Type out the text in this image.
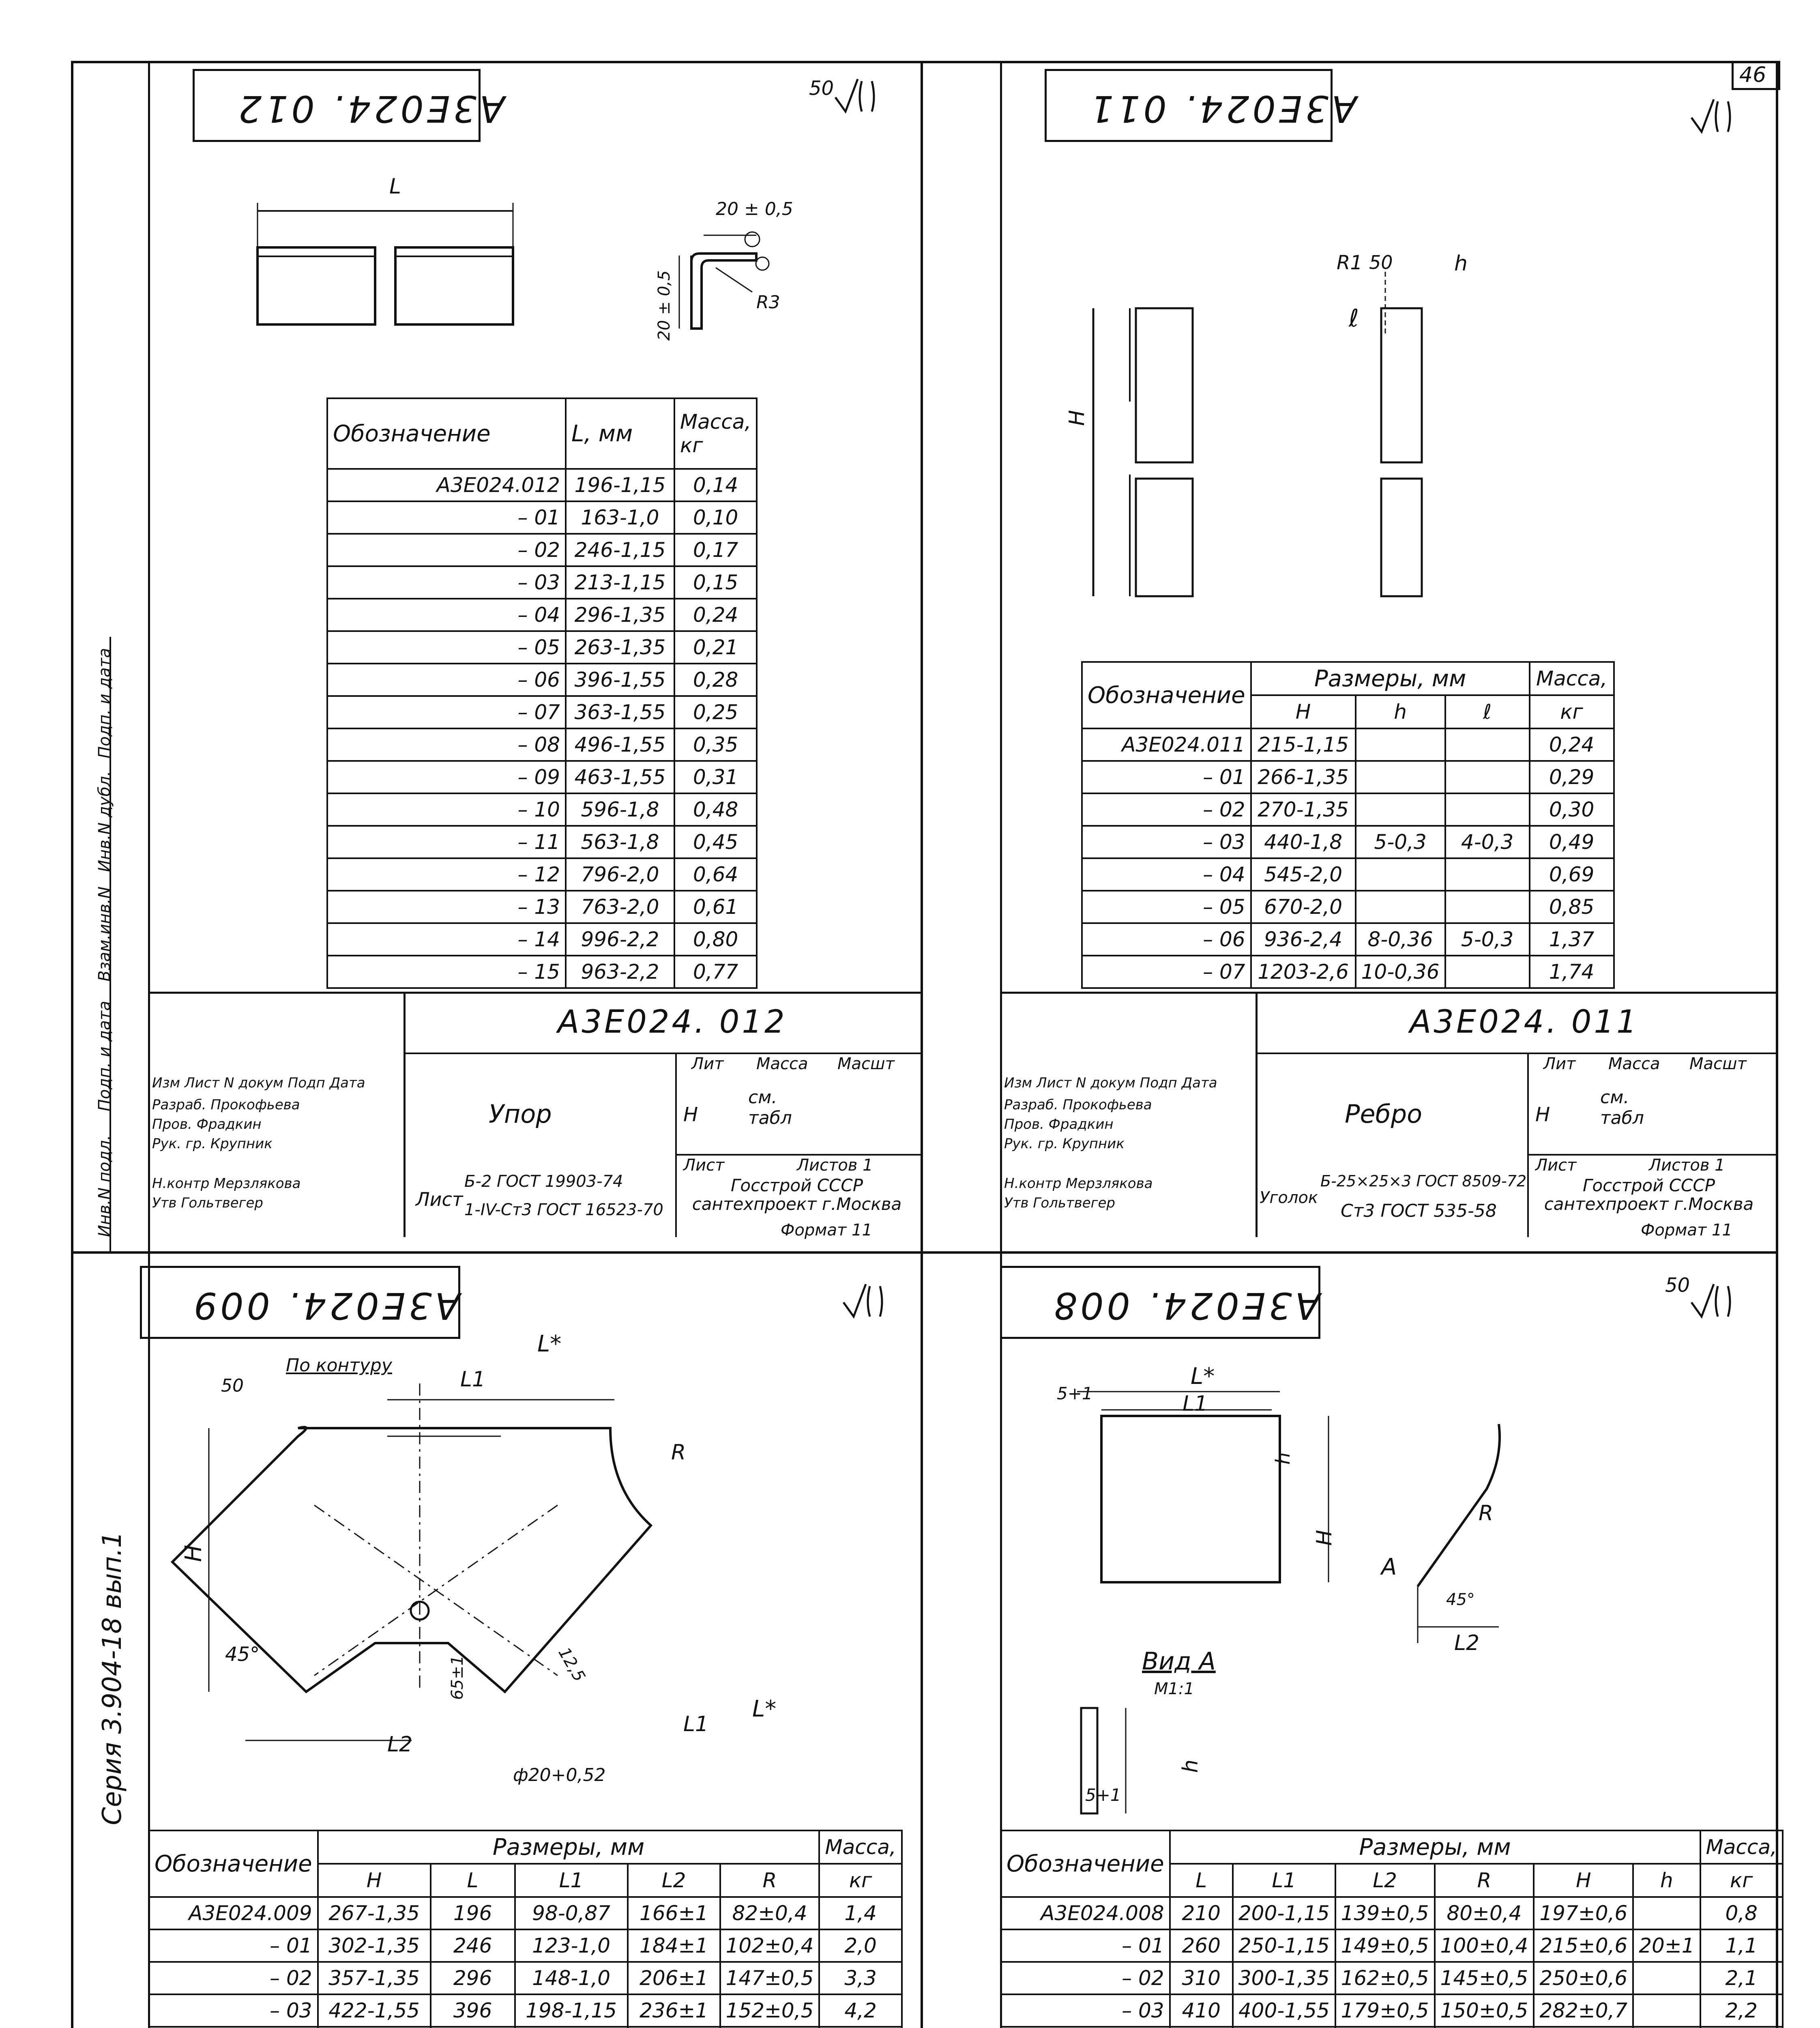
46
Серия 3.904-18 вып.1
Инв.N подл.
Подп. и дата
Взам.инв.N
Инв.N дубл.
Подп. и дата
А3Е024. 012	50
L
20 ± 0,5
20 ± 0,5	R3
Обозначение	L, мм	Масса, кг
А3Е024.012	196-1,15	0,14
– 01	163-1,0	0,10
– 02	246-1,15	0,17
– 03	213-1,15	0,15
– 04	296-1,35	0,24
– 05	263-1,35	0,21
– 06	396-1,55	0,28
– 07	363-1,55	0,25
– 08	496-1,55	0,35
– 09	463-1,55	0,31
– 10	596-1,8	0,48
– 11	563-1,8	0,45
– 12	796-2,0	0,64
– 13	763-2,0	0,61
– 14	996-2,2	0,80
– 15	963-2,2	0,77
А3Е024. 012
Упор
Лит Масса Масшт
Н
см. табл
Лист	Листов 1
Госстрой СССР сантехпроект г.Москва
Лист
Б-2 ГОСТ 19903-74
1-IV-Ст3 ГОСТ 16523-70
Формат 11
Изм Лист N докум Подп Дата
Разраб. Прокофьева
Пров. Фрадкин
Рук. гр. Крупник
Н.контр Мерзлякова
Утв Гольтвегер
А3Е024. 011
H
R1 50	h
ℓ
Обозначение	Размеры, мм			Масса,
	H	h	ℓ	кг
А3Е024.011	215-1,15			0,24
– 01	266-1,35			0,29
– 02	270-1,35			0,30
– 03	440-1,8	5-0,3	4-0,3	0,49
– 04	545-2,0			0,69
– 05	670-2,0			0,85
– 06	936-2,4	8-0,36	5-0,3	1,37
– 07	1203-2,6	10-0,36		1,74
А3Е024. 011
Ребро
Лит Масса Масшт
Н
см. табл
Лист	Листов 1
Госстрой СССР сантехпроект г.Москва
Уголок
Б-25×25×3 ГОСТ 8509-72
Ст3 ГОСТ 535-58
Формат 11
Изм Лист N докум Подп Дата
Разраб. Прокофьева
Пров. Фрадкин
Рук. гр. Крупник
Н.контр Мерзлякова
Утв Гольтвегер
А3Е024. 009
По контуру
50
L*
L1
R
H
45°
65±1	12,5
L1
L*
L2
ф20+0,52
Обозначение	Размеры, мм					Масса,
	H	L	L1	L2	R	кг
А3Е024.009	267-1,35	196	98-0,87	166±1	82±0,4	1,4
– 01	302-1,35	246	123-1,0	184±1	102±0,4	2,0
– 02	357-1,35	296	148-1,0	206±1	147±0,5	3,3
– 03	422-1,55	396	198-1,15	236±1	152±0,5	4,2

А3Е024. 008	50
L*
L1
5+1
h
H
R
A
45°
L2
Вид A
M1:1
h
5+1
Обозначение	Размеры, мм						Масса,
	L	L1	L2	R	H	h	кг
А3Е024.008	210	200-1,15	139±0,5	80±0,4	197±0,6		0,8
– 01	260	250-1,15	149±0,5	100±0,4	215±0,6	20±1	1,1
– 02	310	300-1,35	162±0,5	145±0,5	250±0,6		2,1
– 03	410	400-1,55	179±0,5	150±0,5	282±0,7		2,2
